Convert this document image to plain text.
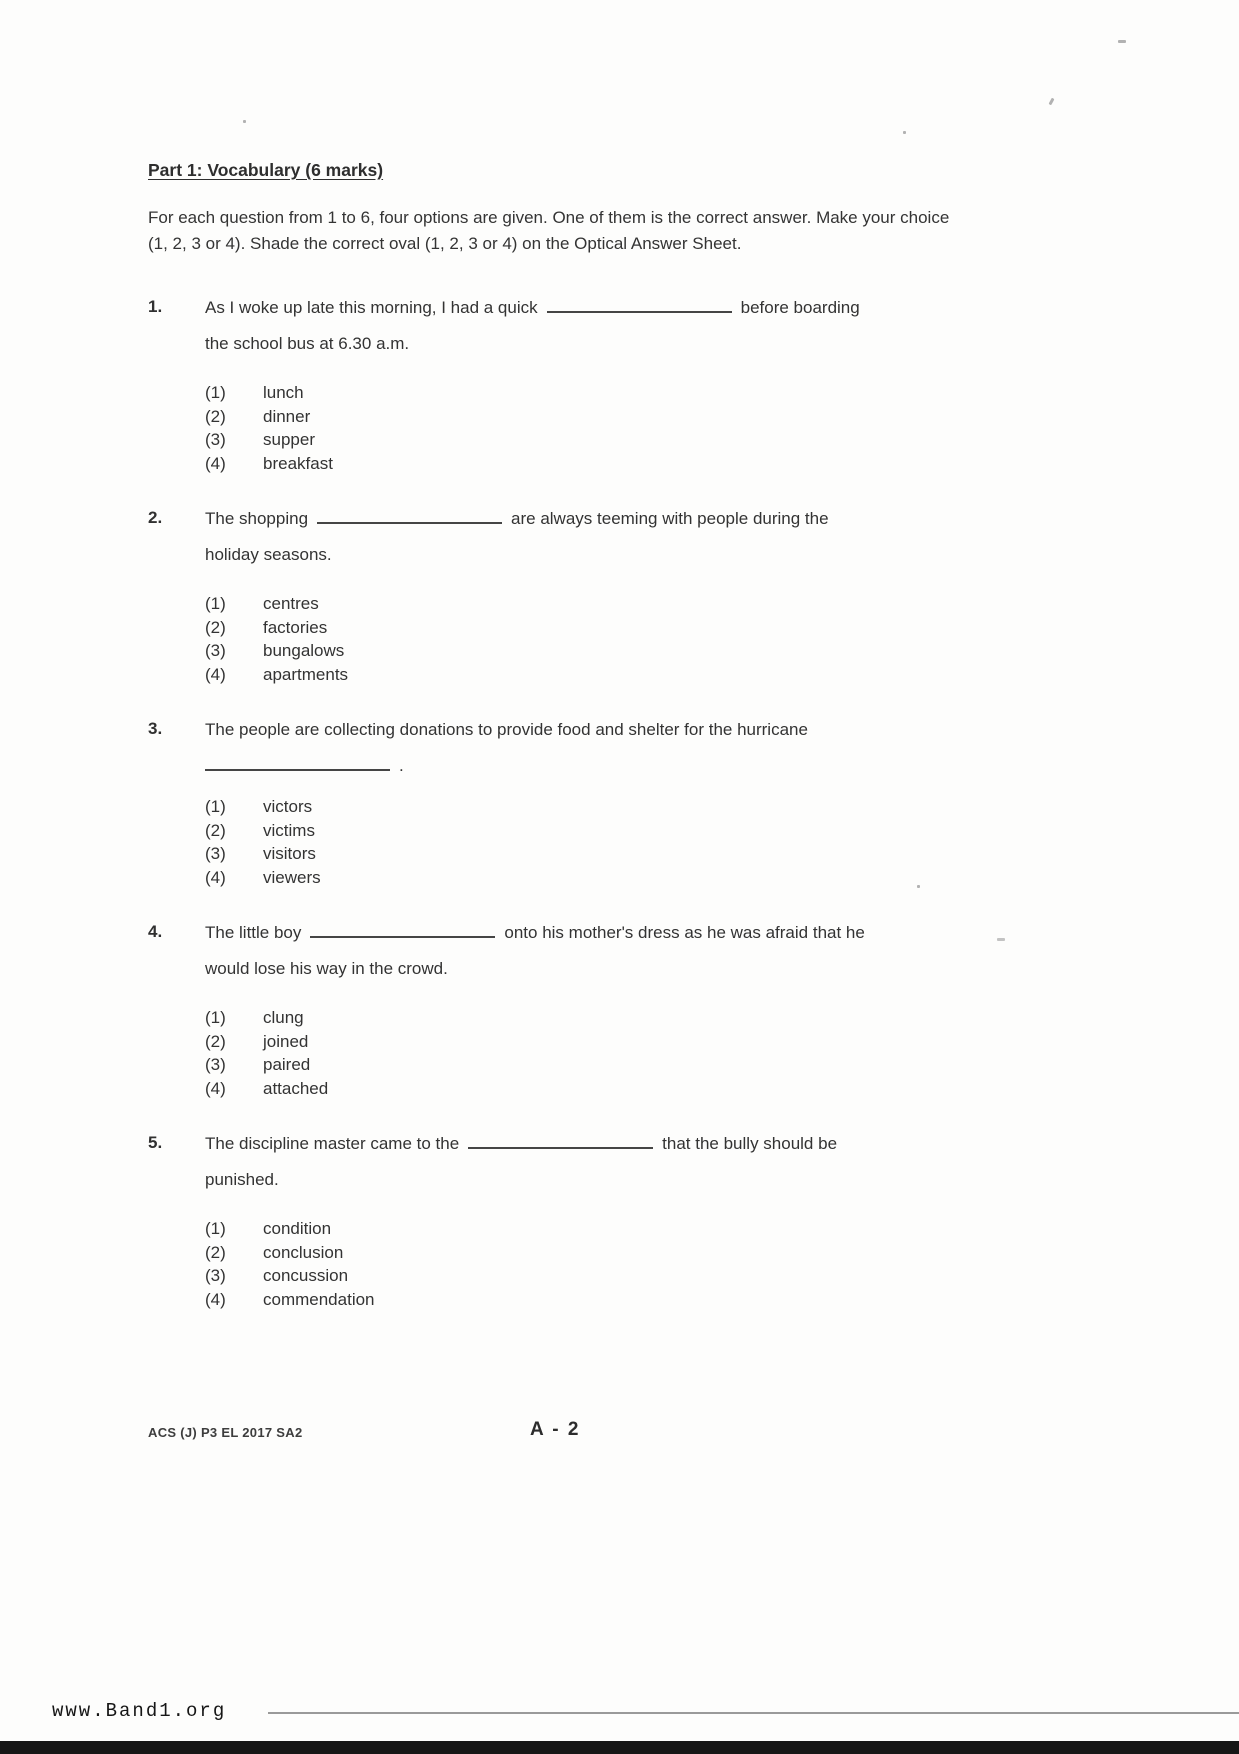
Part 1: Vocabulary (6 marks)

For each question from 1 to 6, four options are given. One of them is the correct answer. Make your choice (1, 2, 3 or 4). Shade the correct oval (1, 2, 3 or 4) on the Optical Answer Sheet.

1.	As I woke up late this morning, I had a quick	before boarding
the school bus at 6.30 a.m.
(1)	lunch
(2)	dinner
(3)	supper
(4)	breakfast
2.	The shopping	are always teeming with people during the
holiday seasons.
(1)	centres
(2)	factories
(3)	bungalows
(4)	apartments
3.	The people are collecting donations to provide food and shelter for the hurricane
.
(1)	victors
(2)	victims
(3)	visitors
(4)	viewers
4.	The little boy	onto his mother's dress as he was afraid that he
would lose his way in the crowd.
(1)	clung
(2)	joined
(3)	paired
(4)	attached
5.	The discipline master came to the	that the bully should be
punished.
(1)	condition
(2)	conclusion
(3)	concussion
(4)	commendation
ACS (J) P3 EL 2017 SA2	A - 2
www.Band1.org
